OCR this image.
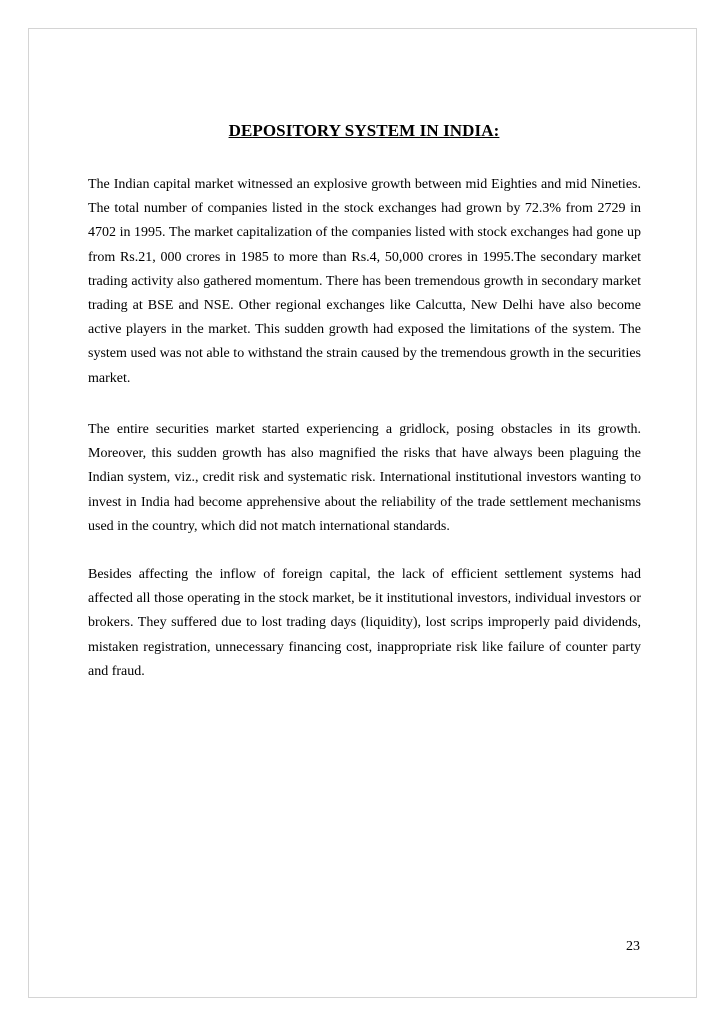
DEPOSITORY SYSTEM IN INDIA:

The Indian capital market witnessed an explosive growth between mid Eighties and mid Nineties. The total number of companies listed in the stock exchanges had grown by 72.3% from 2729 in 4702 in 1995. The market capitalization of the companies listed with stock exchanges had gone up from Rs.21, 000 crores in 1985 to more than Rs.4, 50,000 crores in 1995.The secondary market trading activity also gathered momentum. There has been tremendous growth in secondary market trading at BSE and NSE. Other regional exchanges like Calcutta, New Delhi have also become active players in the market. This sudden growth had exposed the limitations of the system. The system used was not able to withstand the strain caused by the tremendous growth in the securities market.

The entire securities market started experiencing a gridlock, posing obstacles in its growth. Moreover, this sudden growth has also magnified the risks that have always been plaguing the Indian system, viz., credit risk and systematic risk. International institutional investors wanting to invest in India had become apprehensive about the reliability of the trade settlement mechanisms used in the country, which did not match international standards.

Besides affecting the inflow of foreign capital, the lack of efficient settlement systems had affected all those operating in the stock market, be it institutional investors, individual investors or brokers. They suffered due to lost trading days (liquidity), lost scrips improperly paid dividends, mistaken registration, unnecessary financing cost, inappropriate risk like failure of counter party and fraud.

23
